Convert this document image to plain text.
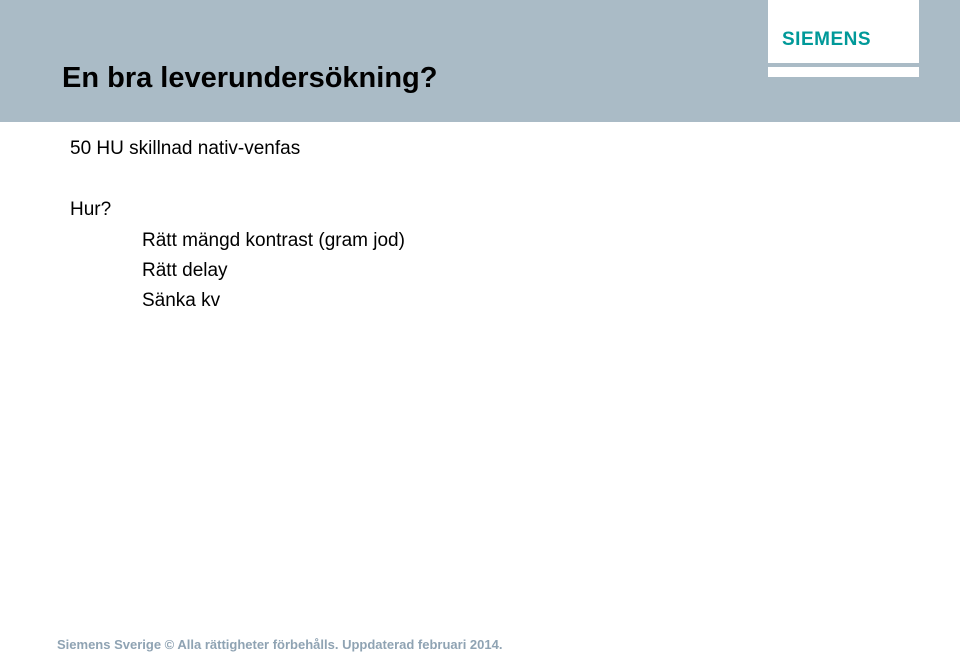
En bra leverundersökning?
SIEMENS
50 HU skillnad nativ-venfas
Hur?
Rätt mängd kontrast (gram jod)
Rätt delay
Sänka kv
Siemens Sverige © Alla rättigheter förbehålls. Uppdaterad februari 2014.
